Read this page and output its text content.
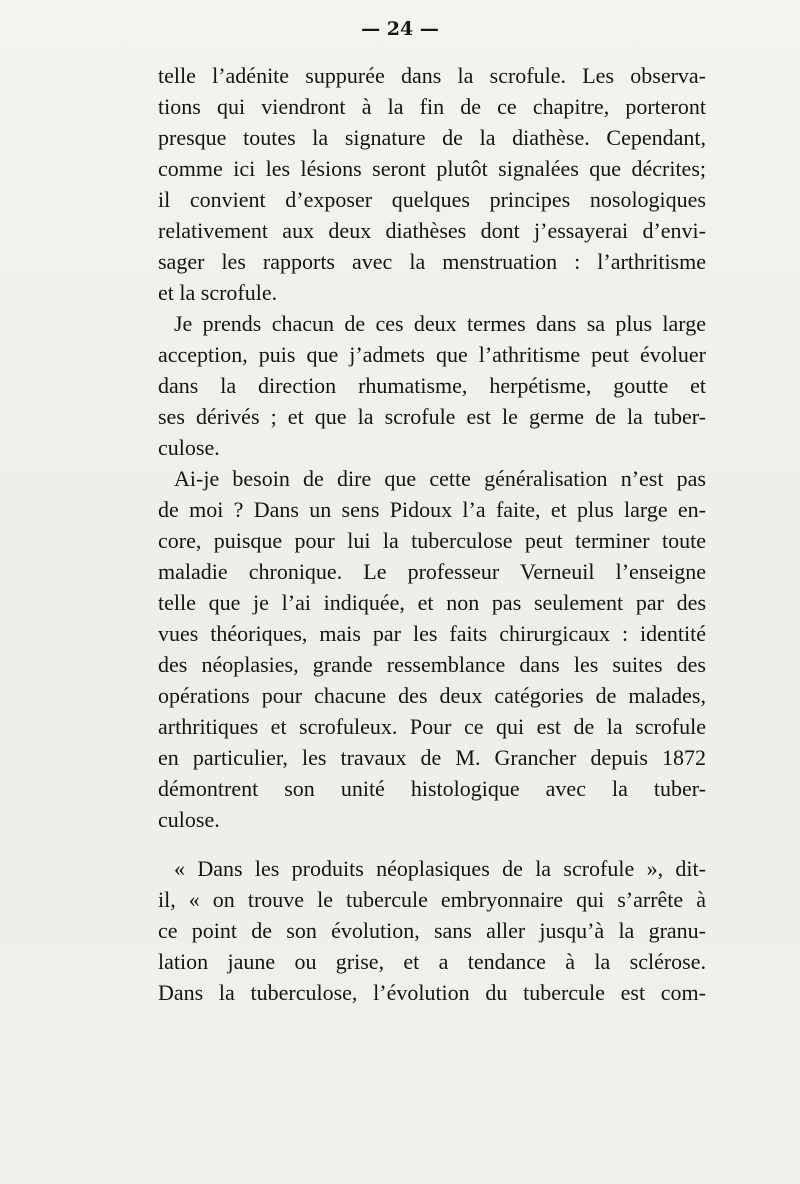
— 24 —
telle l’adénite suppurée dans la scrofule. Les observa-
tions qui viendront à la fin de ce chapitre, porteront
presque toutes la signature de la diathèse. Cependant,
comme ici les lésions seront plutôt signalées que décrites;
il convient d’exposer quelques principes nosologiques
relativement aux deux diathèses dont j’essayerai d’envi-
sager les rapports avec la menstruation : l’arthritisme
et la scrofule.
Je prends chacun de ces deux termes dans sa plus large
acception, puis que j’admets que l’athritisme peut évoluer
dans la direction rhumatisme, herpétisme, goutte et
ses dérivés ; et que la scrofule est le germe de la tuber-
culose.
Ai-je besoin de dire que cette généralisation n’est pas
de moi ? Dans un sens Pidoux l’a faite, et plus large en-
core, puisque pour lui la tuberculose peut terminer toute
maladie chronique. Le professeur Verneuil l’enseigne
telle que je l’ai indiquée, et non pas seulement par des
vues théoriques, mais par les faits chirurgicaux : identité
des néoplasies, grande ressemblance dans les suites des
opérations pour chacune des deux catégories de malades,
arthritiques et scrofuleux. Pour ce qui est de la scrofule
en particulier, les travaux de M. Grancher depuis 1872
démontrent son unité histologique avec la tuber-
culose.
« Dans les produits néoplasiques de la scrofule », dit-
il, « on trouve le tubercule embryonnaire qui s’arrête à
ce point de son évolution, sans aller jusqu’à la granu-
lation jaune ou grise, et a tendance à la sclérose.
Dans la tuberculose, l’évolution du tubercule est com-
